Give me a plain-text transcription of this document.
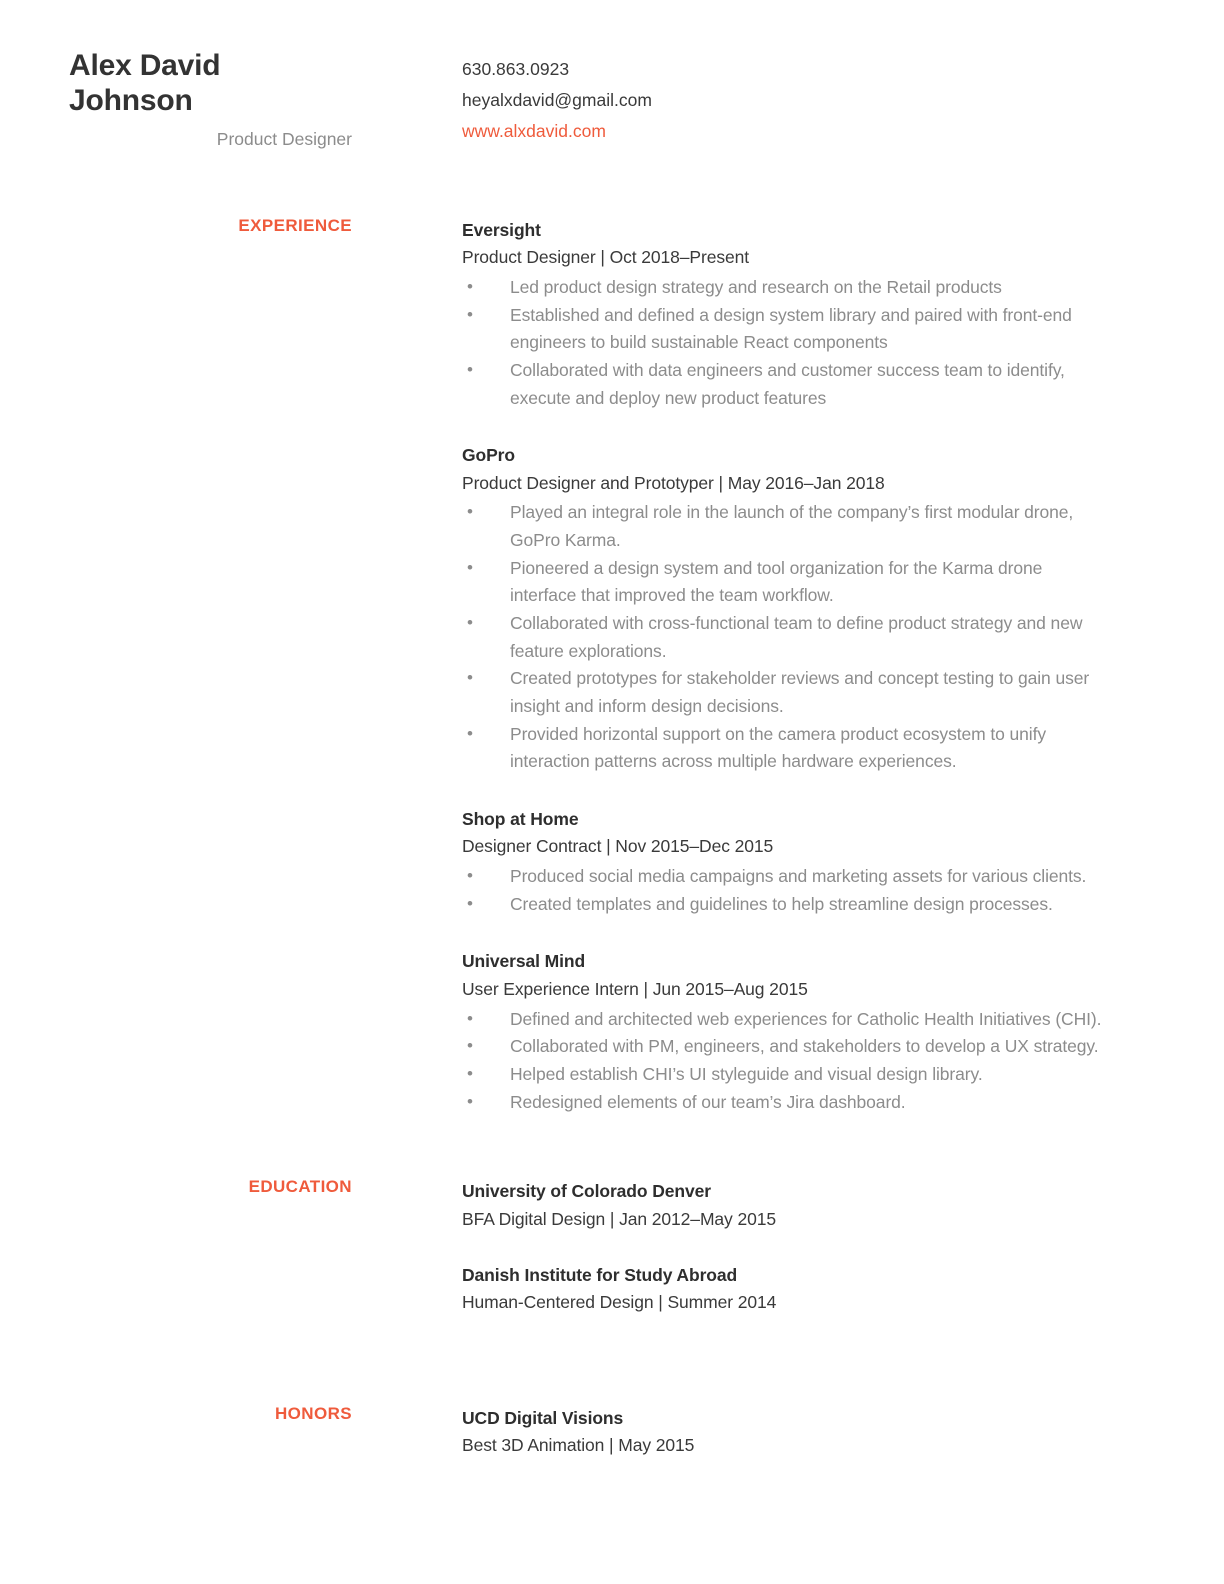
Alex David Johnson
Product Designer
630.863.0923
heyalxdavid@gmail.com
www.alxdavid.com
EXPERIENCE	Eversight
Product Designer | Oct 2018–Present
• Led product design strategy and research on the Retail products
• Established and defined a design system library and paired with front-end engineers to build sustainable React components
• Collaborated with data engineers and customer success team to identify, execute and deploy new product features
GoPro
Product Designer and Prototyper | May 2016–Jan 2018
• Played an integral role in the launch of the company’s first modular drone, GoPro Karma.
• Pioneered a design system and tool organization for the Karma drone interface that improved the team workflow.
• Collaborated with cross-functional team to define product strategy and new feature explorations.
• Created prototypes for stakeholder reviews and concept testing to gain user insight and inform design decisions.
• Provided horizontal support on the camera product ecosystem to unify interaction patterns across multiple hardware experiences.
Shop at Home
Designer Contract | Nov 2015–Dec 2015
• Produced social media campaigns and marketing assets for various clients.
• Created templates and guidelines to help streamline design processes.
Universal Mind
User Experience Intern | Jun 2015–Aug 2015
• Defined and architected web experiences for Catholic Health Initiatives (CHI).
• Collaborated with PM, engineers, and stakeholders to develop a UX strategy.
• Helped establish CHI’s UI styleguide and visual design library.
• Redesigned elements of our team’s Jira dashboard.
EDUCATION	University of Colorado Denver
BFA Digital Design | Jan 2012–May 2015
Danish Institute for Study Abroad
Human-Centered Design | Summer 2014
HONORS	UCD Digital Visions
Best 3D Animation | May 2015
